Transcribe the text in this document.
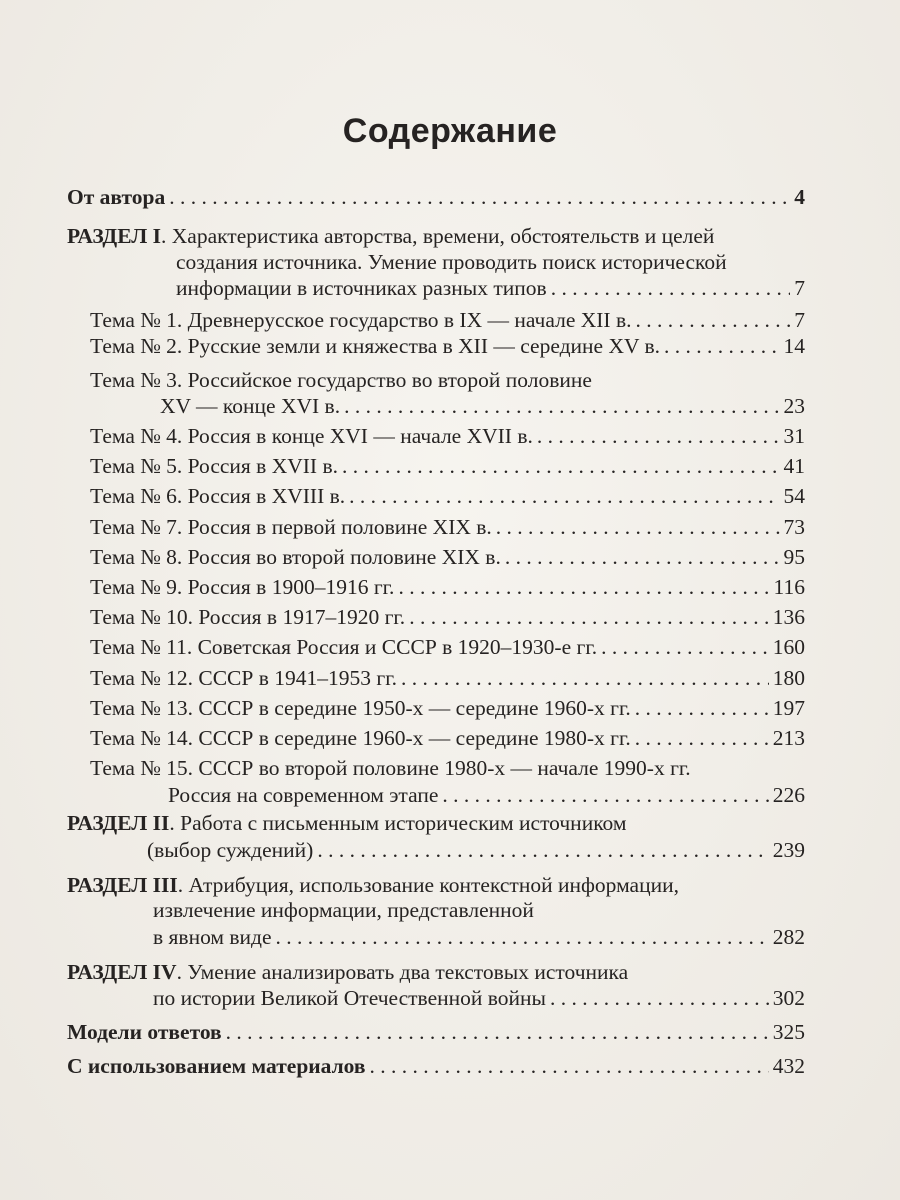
Содержание
От автора . . .	4
РАЗДЕЛ I . Характеристика авторства, времени, обстоятельств и целей
создания источника. Умение проводить поиск исторической
информации в источниках разных типов . . .	7
Тема № 1. Древнерусское государство в IX — начале XII в. . . .	7
Тема № 2. Русские земли и княжества в XII — середине XV в. . . .	14
Тема № 3. Российское государство во второй половине
XV — конце XVI в. . . .	23
Тема № 4. Россия в конце XVI — начале XVII в. . . .	31
Тема № 5. Россия в XVII в. . . .	41
Тема № 6. Россия в XVIII в. . . .	54
Тема № 7. Россия в первой половине XIX в. . . .	73
Тема № 8. Россия во второй половине XIX в. . . .	95
Тема № 9. Россия в 1900–1916 гг. . . .	116
Тема № 10. Россия в 1917–1920 гг. . . .	136
Тема № 11. Советская Россия и СССР в 1920–1930-е гг. . . .	160
Тема № 12. СССР в 1941–1953 гг. . . .	180
Тема № 13. СССР в середине 1950-х — середине 1960-х гг. . . .	197
Тема № 14. СССР в середине 1960-х — середине 1980-х гг. . . .	213
Тема № 15. СССР во второй половине 1980-х — начале 1990-х гг.
Россия на современном этапе . . .	226
РАЗДЕЛ II . Работа с письменным историческим источником
(выбор суждений) . . .	239
РАЗДЕЛ III . Атрибуция, использование контекстной информации,
извлечение информации, представленной
в явном виде . . .	282
РАЗДЕЛ IV . Умение анализировать два текстовых источника
по истории Великой Отечественной войны . . .	302
Модели ответов . . .	325
С использованием материалов . . .	432
